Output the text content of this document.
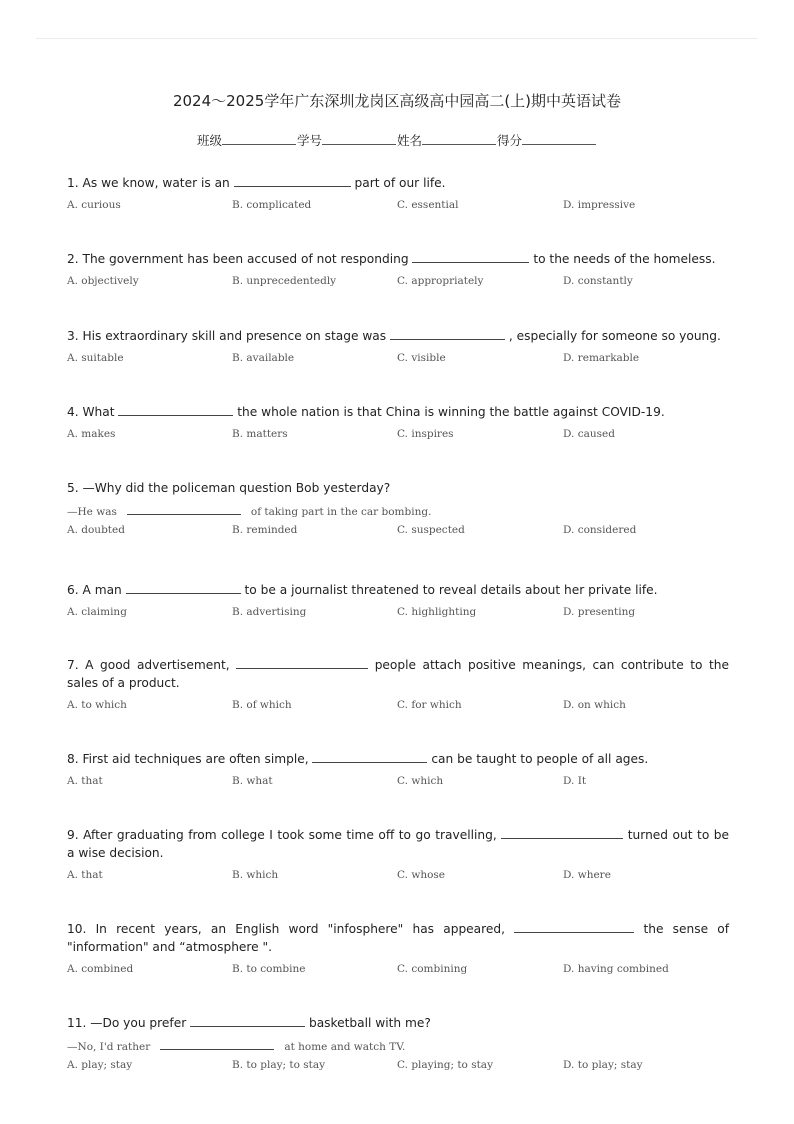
2024～2025学年广东深圳龙岗区高级高中园高二(上)期中英语试卷
班级	学号	姓名	得分
1. As we know, water is an	part of our life.
A. curious	B. complicated	C. essential	D. impressive
2. The government has been accused of not responding	to the needs of the homeless.
A. objectively	B. unprecedentedly	C. appropriately	D. constantly
3. His extraordinary skill and presence on stage was	, especially for someone so young.
A. suitable	B. available	C. visible	D. remarkable
4. What	the whole nation is that China is winning the battle against COVID-19.
A. makes	B. matters	C. inspires	D. caused
5. —Why did the policeman question Bob yesterday?
—He was	of taking part in the car bombing.
A. doubted	B. reminded	C. suspected	D. considered
6. A man	to be a journalist threatened to reveal details about her private life.
A. claiming	B. advertising	C. highlighting	D. presenting
7. A good advertisement,	people attach positive meanings, can contribute to the sales of a product.
A. to which	B. of which	C. for which	D. on which
8. First aid techniques are often simple,	can be taught to people of all ages.
A. that	B. what	C. which	D. It
9. After graduating from college I took some time off to go travelling,	turned out to be a wise decision.
A. that	B. which	C. whose	D. where
10. In recent years, an English word "infosphere" has appeared,	the sense of "information" and “atmosphere ".
A. combined	B. to combine	C. combining	D. having combined
11. —Do you prefer	basketball with me?
—No, I'd rather	at home and watch TV.
A. play; stay	B. to play; to stay	C. playing; to stay	D. to play; stay
